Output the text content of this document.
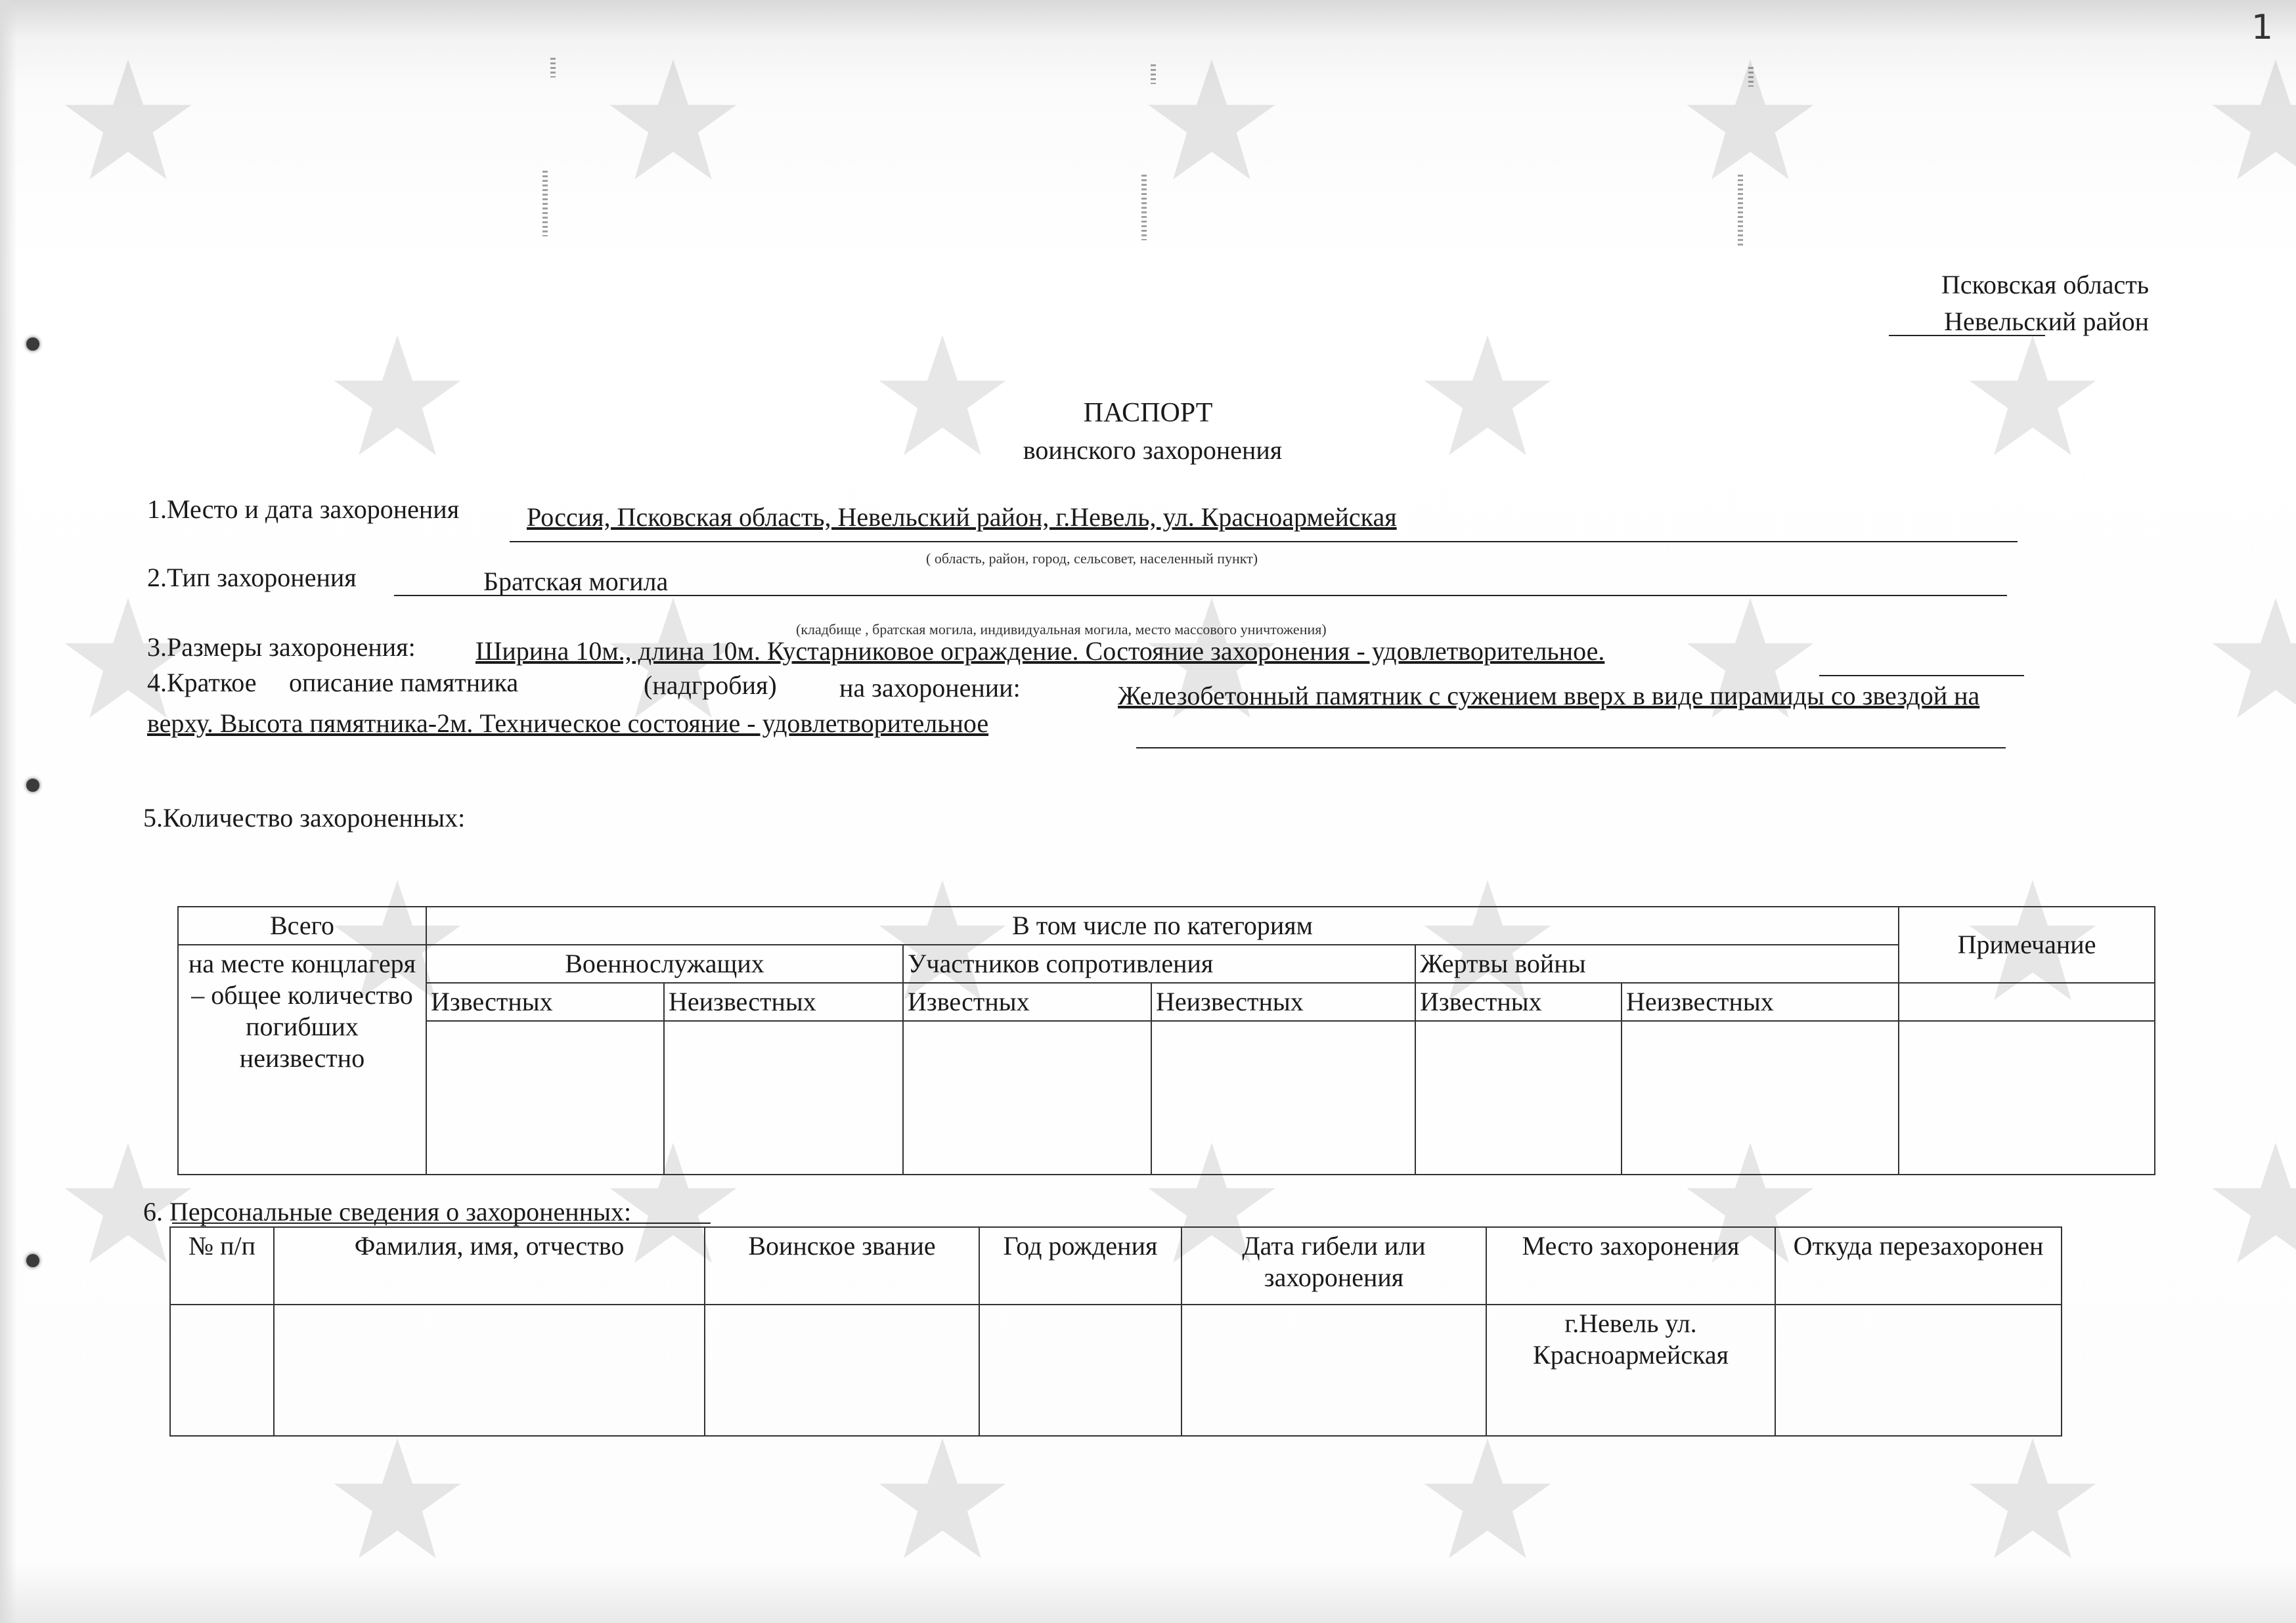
1
Псковская область
Невельский район
ПАСПОРТ
воинского захоронения
1.Место и дата захоронения	Россия, Псковская область, Невельский район, г.Невель, ул. Красноармейская
( область, район, город, сельсовет, населенный пункт)
2.Тип захоронения	Братская могила
(кладбище , братская могила, индивидуальная могила, место массового уничтожения)
3.Размеры захоронения: Ширина 10м., длина 10м. Кустарниковое ограждение. Состояние захоронения - удовлетворительное.
4.Краткое описание памятника	(надгробия) на захоронении:	Железобетонный памятник с сужением вверх в виде пирамиды со звездой на
верху. Высота пямятника-2м. Техническое состояние - удовлетворительное
5.Количество захороненных:
Всего	В том числе по категориям						Примечание
на месте концлагеря – общее количество погибших неизвестно	Военнослужащих		Участников сопротивления		Жертвы войны		
	Известных	Неизвестных	Известных	Неизвестных	Известных	Неизвестных	

6. Персональные сведения о захороненных:
№ п/п	Фамилия, имя, отчество	Воинское звание	Год рождения	Дата гибели или захоронения	Место захоронения	Откуда перезахоронен
					г.Невель ул. Красноармейская	
